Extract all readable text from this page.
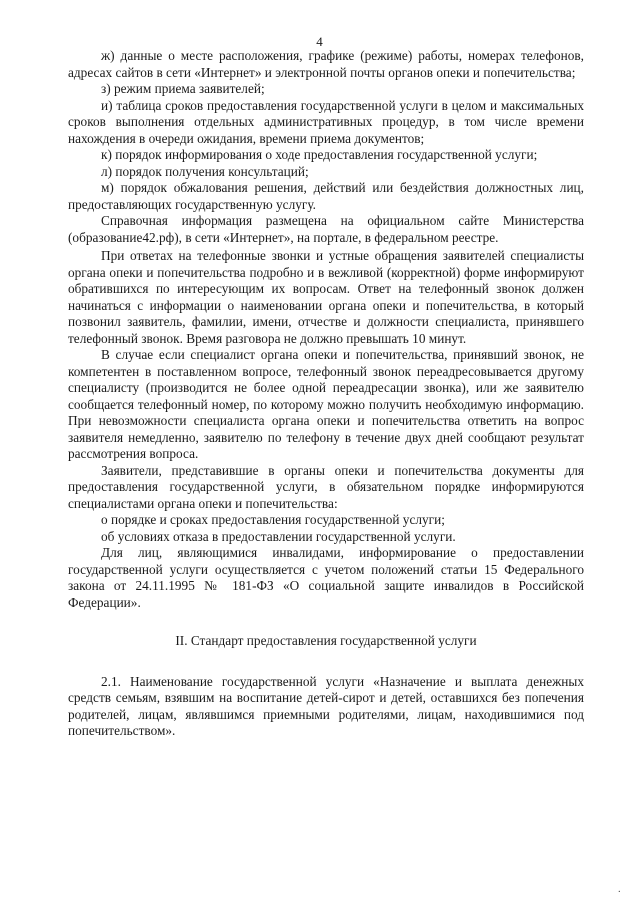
4

ж) данные о месте расположения, графике (режиме) работы, номерах телефонов, адресах сайтов в сети «Интернет» и электронной почты органов опеки и попечительства;

з) режим приема заявителей;

и) таблица сроков предоставления государственной услуги в целом и максимальных сроков выполнения отдельных административных процедур, в том числе времени нахождения в очереди ожидания, времени приема документов;

к) порядок информирования о ходе предоставления государственной услуги;

л) порядок получения консультаций;

м) порядок обжалования решения, действий или бездействия должностных лиц, предоставляющих государственную услугу.

Справочная информация размещена на официальном сайте Министерства (образование42.рф), в сети «Интернет», на портале, в федеральном реестре.

При ответах на телефонные звонки и устные обращения заявителей специалисты органа опеки и попечительства подробно и в вежливой (корректной) форме информируют обратившихся по интересующим их вопросам. Ответ на телефонный звонок должен начинаться с информации о наименовании органа опеки и попечительства, в который позвонил заявитель, фамилии, имени, отчестве и должности специалиста, принявшего телефонный звонок. Время разговора не должно превышать 10 минут.

В случае если специалист органа опеки и попечительства, принявший звонок, не компетентен в поставленном вопросе, телефонный звонок переадресовывается другому специалисту (производится не более одной переадресации звонка), или же заявителю сообщается телефонный номер, по которому можно получить необходимую информацию. При невозможности специалиста органа опеки и попечительства ответить на вопрос заявителя немедленно, заявителю по телефону в течение двух дней сообщают результат рассмотрения вопроса.

Заявители, представившие в органы опеки и попечительства документы для предоставления государственной услуги, в обязательном порядке информируются специалистами органа опеки и попечительства:

о порядке и сроках предоставления государственной услуги;

об условиях отказа в предоставлении государственной услуги.

Для лиц, являющимися инвалидами, информирование о предоставлении государственной услуги осуществляется с учетом положений статьи 15 Федерального закона от 24.11.1995 № 181-ФЗ «О социальной защите инвалидов в Российской Федерации».

II. Стандарт предоставления государственной услуги

2.1. Наименование государственной услуги «Назначение и выплата денежных средств семьям, взявшим на воспитание детей-сирот и детей, оставшихся без попечения родителей, лицам, являвшимся приемными родителями, лицам, находившимися под попечительством».

·
